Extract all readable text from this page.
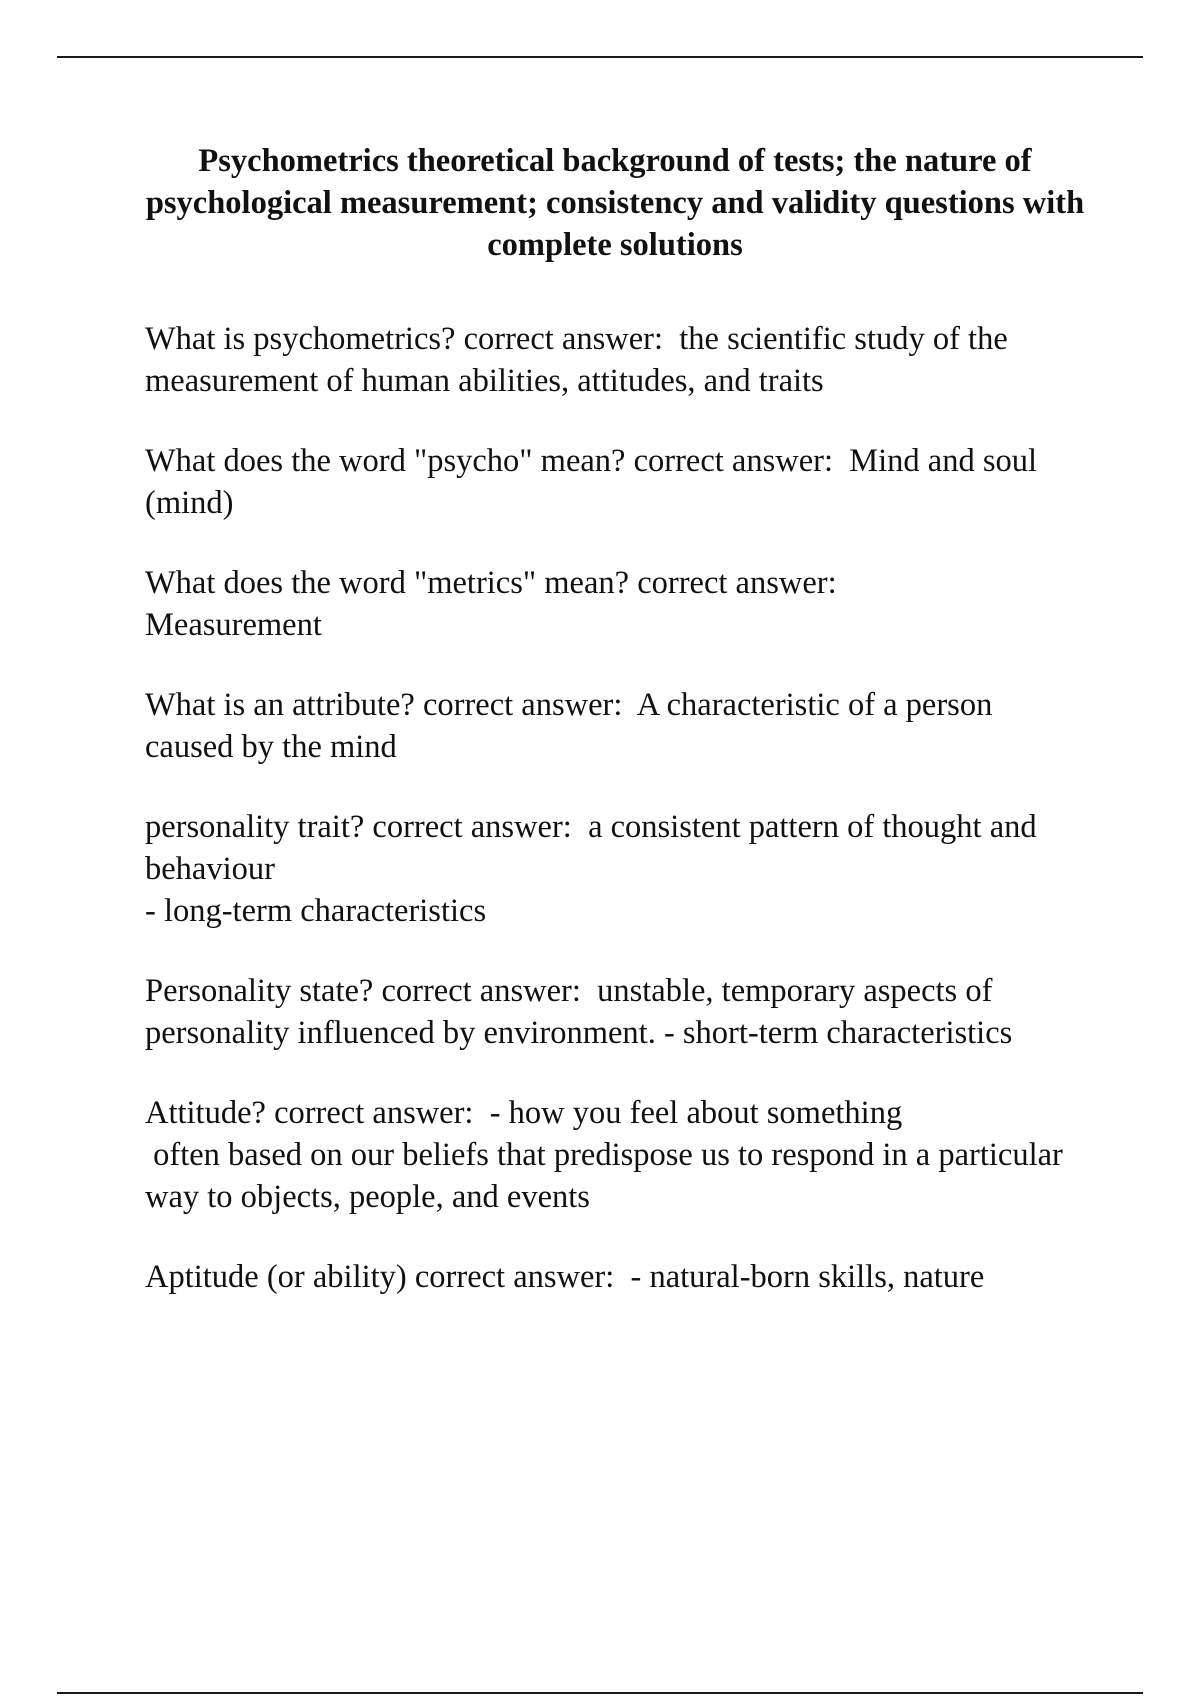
Psychometrics theoretical background of tests; the nature of psychological measurement; consistency and validity questions with complete solutions

What is psychometrics? correct answer:  the scientific study of the measurement of human abilities, attitudes, and traits

What does the word "psycho" mean? correct answer:  Mind and soul (mind)

What does the word "metrics" mean? correct answer:
Measurement

What is an attribute? correct answer:  A characteristic of a person caused by the mind

personality trait? correct answer:  a consistent pattern of thought and behaviour
- long-term characteristics

Personality state? correct answer:  unstable, temporary aspects of personality influenced by environment. - short-term characteristics

Attitude? correct answer:  - how you feel about something
often based on our beliefs that predispose us to respond in a particular way to objects, people, and events

Aptitude (or ability) correct answer:  - natural-born skills, nature
